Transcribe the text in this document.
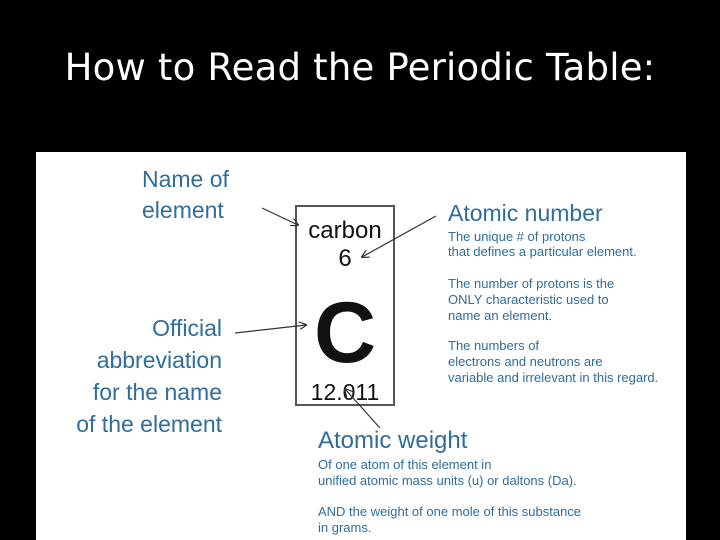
How to Read the Periodic Table:
Name of
element
Official
abbreviation
for the name
of the element
carbon
6
C
12.011
Atomic number
The unique # of protons
that defines a particular element.
The number of protons is the
ONLY characteristic used to
name an element.
The numbers of
electrons and neutrons are
variable and irrelevant in this regard.
Atomic weight
Of one atom of this element in
unified atomic mass units (u) or daltons (Da).
AND the weight of one mole of this substance
in grams.
